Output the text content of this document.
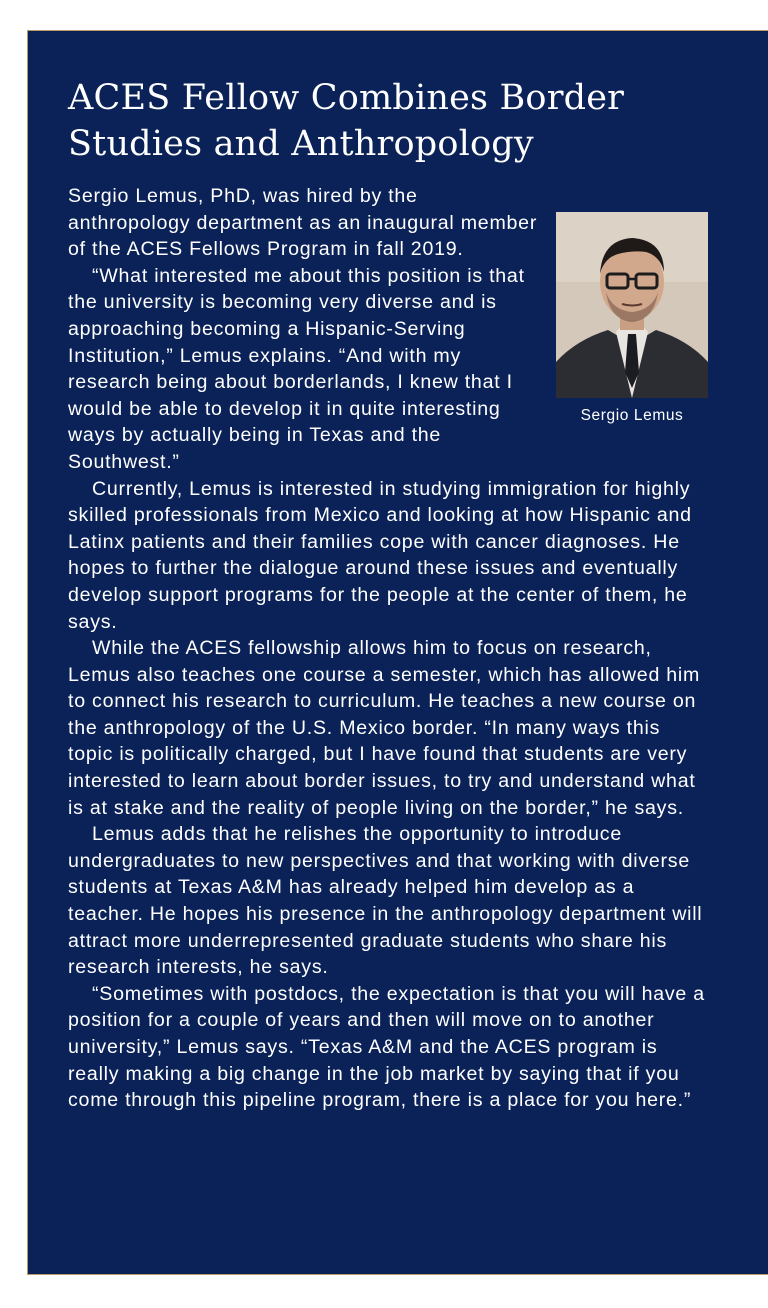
ACES Fellow Combines Border Studies and Anthropology
Sergio Lemus

Sergio Lemus, PhD, was hired by the anthropology department as an inaugural member of the ACES Fellows Program in fall 2019.

“What interested me about this position is that the university is becoming very diverse and is approaching becoming a Hispanic-Serving Institution,” Lemus explains. “And with my research being about borderlands, I knew that I would be able to develop it in quite interesting ways by actually being in Texas and the Southwest.”

Currently, Lemus is interested in studying immigration for highly skilled professionals from Mexico and looking at how Hispanic and Latinx patients and their families cope with cancer diagnoses. He hopes to further the dialogue around these issues and eventually develop support programs for the people at the center of them, he says.

While the ACES fellowship allows him to focus on research, Lemus also teaches one course a semester, which has allowed him to connect his research to curriculum. He teaches a new course on the anthropology of the U.S. Mexico border. “In many ways this topic is politically charged, but I have found that students are very interested to learn about border issues, to try and understand what is at stake and the reality of people living on the border,” he says.

Lemus adds that he relishes the opportunity to introduce undergraduates to new perspectives and that working with diverse students at Texas A&M has already helped him develop as a teacher. He hopes his presence in the anthropology department will attract more underrepresented graduate students who share his research interests, he says.

“Sometimes with postdocs, the expectation is that you will have a position for a couple of years and then will move on to another university,” Lemus says. “Texas A&M and the ACES program is really making a big change in the job market by saying that if you come through this pipeline program, there is a place for you here.”
